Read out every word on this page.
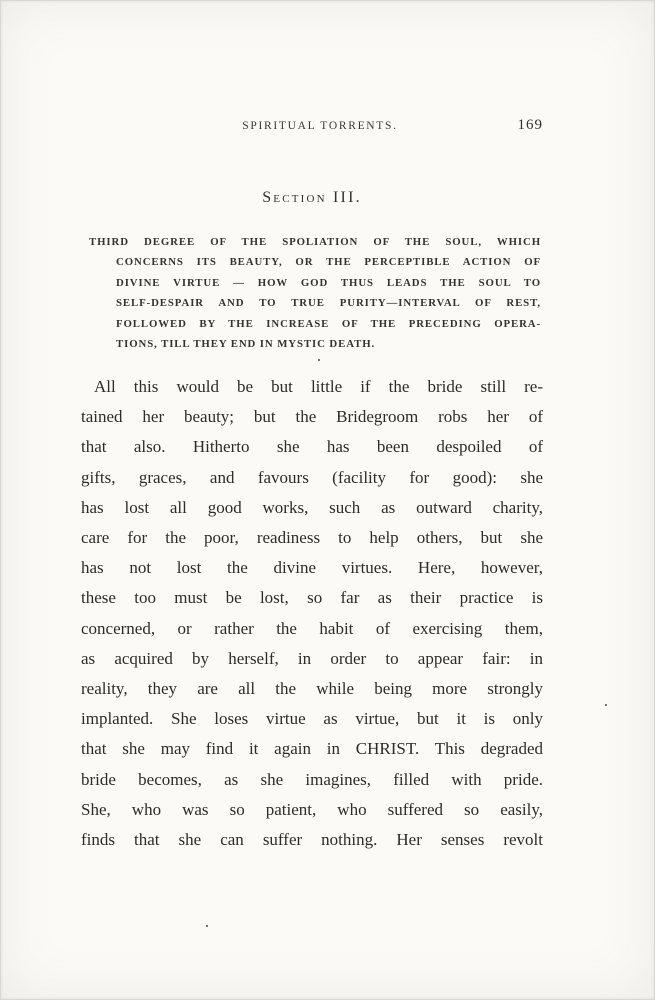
SPIRITUAL TORRENTS.	169
Section III.
THIRD DEGREE OF THE SPOLIATION OF THE SOUL, WHICH
CONCERNS ITS BEAUTY, OR THE PERCEPTIBLE ACTION OF
DIVINE VIRTUE — HOW GOD THUS LEADS THE SOUL TO
SELF-DESPAIR AND TO TRUE PURITY—INTERVAL OF REST,
FOLLOWED BY THE INCREASE OF THE PRECEDING OPERA-
TIONS, TILL THEY END IN MYSTIC DEATH.
All this would be but little if the bride still re-
tained her beauty; but the Bridegroom robs her of
that also. Hitherto she has been despoiled of
gifts, graces, and favours (facility for good): she
has lost all good works, such as outward charity,
care for the poor, readiness to help others, but she
has not lost the divine virtues. Here, however,
these too must be lost, so far as their practice is
concerned, or rather the habit of exercising them,
as acquired by herself, in order to appear fair: in
reality, they are all the while being more strongly
implanted. She loses virtue as virtue, but it is only
that she may find it again in CHRIST. This degraded
bride becomes, as she imagines, filled with pride.
She, who was so patient, who suffered so easily,
finds that she can suffer nothing. Her senses revolt
